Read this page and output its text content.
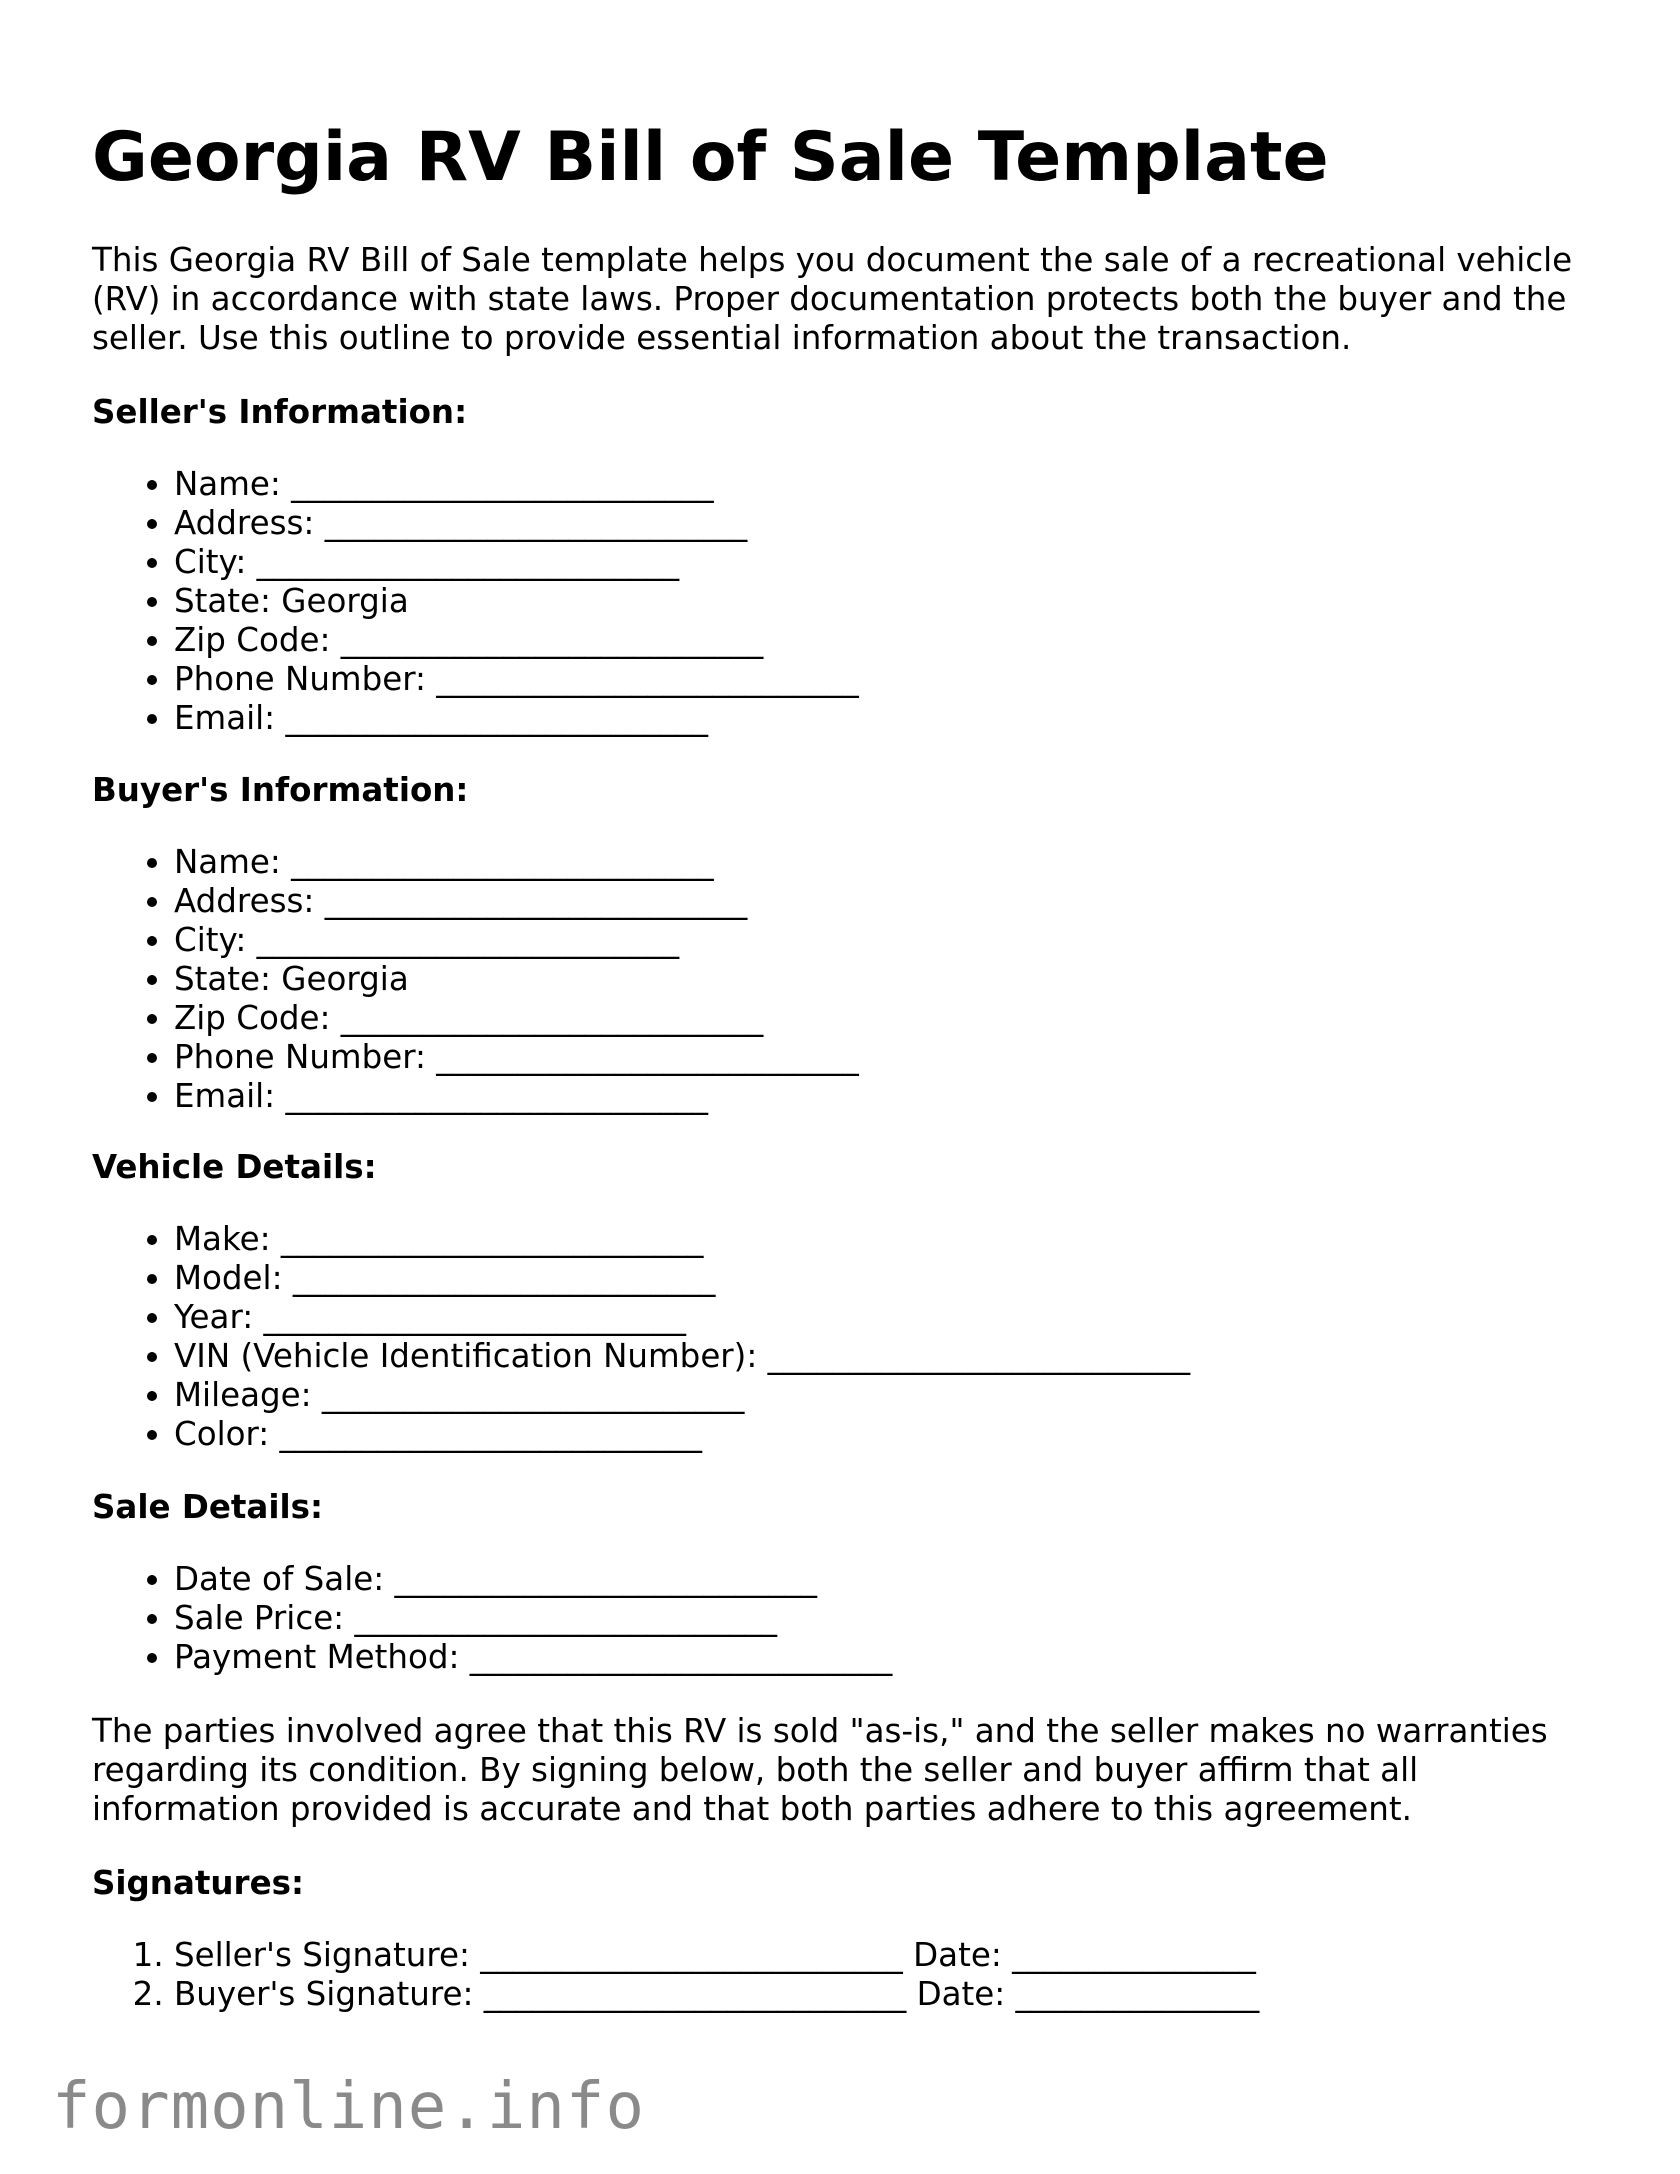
Georgia RV Bill of Sale Template

This Georgia RV Bill of Sale template helps you document the sale of a recreational vehicle
(RV) in accordance with state laws. Proper documentation protects both the buyer and the
seller. Use this outline to provide essential information about the transaction.

Seller's Information:

• Name: __________________________
• Address: __________________________
• City: __________________________
• State: Georgia
• Zip Code: __________________________
• Phone Number: __________________________
• Email: __________________________

Buyer's Information:

• Name: __________________________
• Address: __________________________
• City: __________________________
• State: Georgia
• Zip Code: __________________________
• Phone Number: __________________________
• Email: __________________________

Vehicle Details:

• Make: __________________________
• Model: __________________________
• Year: __________________________
• VIN (Vehicle Identification Number): __________________________
• Mileage: __________________________
• Color: __________________________

Sale Details:

• Date of Sale: __________________________
• Sale Price: __________________________
• Payment Method: __________________________

The parties involved agree that this RV is sold "as-is," and the seller makes no warranties
regarding its condition. By signing below, both the seller and buyer affirm that all
information provided is accurate and that both parties adhere to this agreement.

Signatures:

1. Seller's Signature: __________________________ Date: _______________
2. Buyer's Signature: __________________________ Date: _______________
formonline.info
